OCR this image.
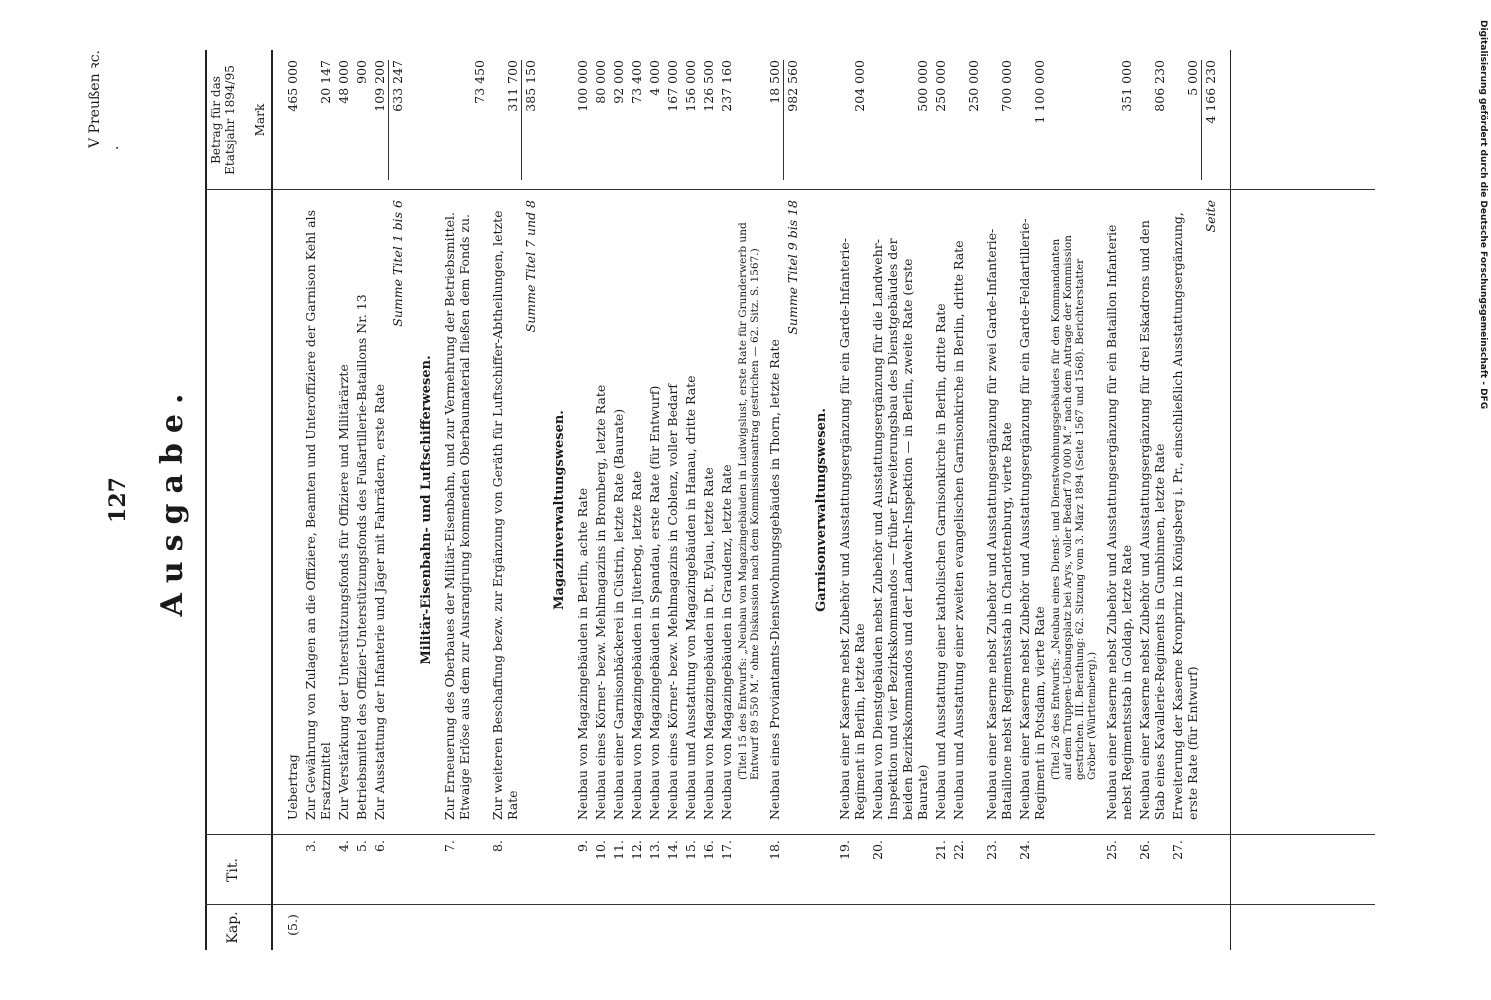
127
V Preußen ꝛc. ·
Ausgabe.
Kap.
Tit.
Betrag für das Etatsjahr 1894/95 Mark
(5.)
Uebertrag
465 000
3.
Zur Gewährung von Zulagen an die Offiziere, Beamten und Unteroffiziere der Garnison Kehl als Ersatzmittel
20 147
4.
Zur Verstärkung der Unterstützungsfonds für Offiziere und Militärärzte
48 000
5.
Betriebsmittel des Offizier-Unterstützungsfonds des Fußartillerie-Bataillons Nr. 13
900
6.
Zur Ausstattung der Infanterie und Jäger mit Fahrrädern, erste Rate
109 200
Summe Titel 1 bis 6
633 247
Militär-Eisenbahn- und Luftschifferwesen.
7.
Zur Erneuerung des Oberbaues der Militär-Eisenbahn, und zur Vermehrung der Betriebsmittel. Etwaige Erlöse aus dem zur Ausrangirung kommenden Oberbaumaterial fließen dem Fonds zu.
73 450
8.
Zur weiteren Beschaffung bezw. zur Ergänzung von Geräth für Luftschiffer-Abtheilungen, letzte Rate
311 700
Summe Titel 7 und 8
385 150
Magazinverwaltungswesen.
9.
Neubau von Magazingebäuden in Berlin, achte Rate
100 000
10.
Neubau eines Körner- bezw. Mehlmagazins in Bromberg, letzte Rate
80 000
11.
Neubau einer Garnisonbäckerei in Cüstrin, letzte Rate (Baurate)
92 000
12.
Neubau von Magazingebäuden in Jüterbog, letzte Rate
73 400
13.
Neubau von Magazingebäuden in Spandau, erste Rate (für Entwurf)
4 000
14.
Neubau eines Körner- bezw. Mehlmagazins in Coblenz, voller Bedarf
167 000
15.
Neubau und Ausstattung von Magazingebäuden in Hanau, dritte Rate
156 000
16.
Neubau von Magazingebäuden in Dt. Eylau, letzte Rate
126 500
17.
Neubau von Magazingebäuden in Graudenz, letzte Rate
237 160
(Titel 15 des Entwurfs: „Neubau von Magazingebäuden in Ludwigslust, erste Rate für Grunderwerb und Entwurf 89 550 M.“ ohne Diskussion nach dem Kommissionsantrag gestrichen — 62. Sitz. S. 1567.)
18.
Neubau eines Proviantamts-Dienstwohnungsgebäudes in Thorn, letzte Rate
18 500
Summe Titel 9 bis 18
982 560
Garnisonverwaltungswesen.
19.
Neubau einer Kaserne nebst Zubehör und Ausstattungsergänzung für ein Garde-Infanterie-Regiment in Berlin, letzte Rate
204 000
20.
Neubau von Dienstgebäuden nebst Zubehör und Ausstattungsergänzung für die Landwehr-Inspektion und vier Bezirkskommandos — früher Erweiterungsbau des Dienstgebäudes der beiden Bezirkskommandos und der Landwehr-Inspektion — in Berlin, zweite Rate (erste Baurate)
500 000
21.
Neubau und Ausstattung einer katholischen Garnisonkirche in Berlin, dritte Rate
250 000
22.
Neubau und Ausstattung einer zweiten evangelischen Garnisonkirche in Berlin, dritte Rate
250 000
23.
Neubau einer Kaserne nebst Zubehör und Ausstattungsergänzung für zwei Garde-Infanterie-Bataillone nebst Regimentsstab in Charlottenburg, vierte Rate
700 000
24.
Neubau einer Kaserne nebst Zubehör und Ausstattungsergänzung für ein Garde-Feldartillerie-Regiment in Potsdam, vierte Rate
1 100 000
(Titel 26 des Entwurfs: „Neubau eines Dienst- und Dienstwohnungsgebäudes für den Kommandanten auf dem Truppen-Uebungsplatz bei Arys, voller Bedarf 70 000 M.“ nach dem Antrage der Kommission gestrichen. III. Berathung: 62. Sitzung vom 3. März 1894 (Seite 1567 und 1568). Berichterstatter Gröber (Württemberg).)
25.
Neubau einer Kaserne nebst Zubehör und Ausstattungsergänzung für ein Bataillon Infanterie nebst Regimentsstab in Goldap, letzte Rate
351 000
26.
Neubau einer Kaserne nebst Zubehör und Ausstattungsergänzung für drei Eskadrons und den Stab eines Kavallerie-Regiments in Gumbinnen, letzte Rate
806 230
27.
Erweiterung der Kaserne Kronprinz in Königsberg i. Pr., einschließlich Ausstattungsergänzung, erste Rate (für Entwurf)
5 000
Seite
4 166 230	Digitalisierung gefördert durch die Deutsche Forschungsgemeinschaft - DFG
